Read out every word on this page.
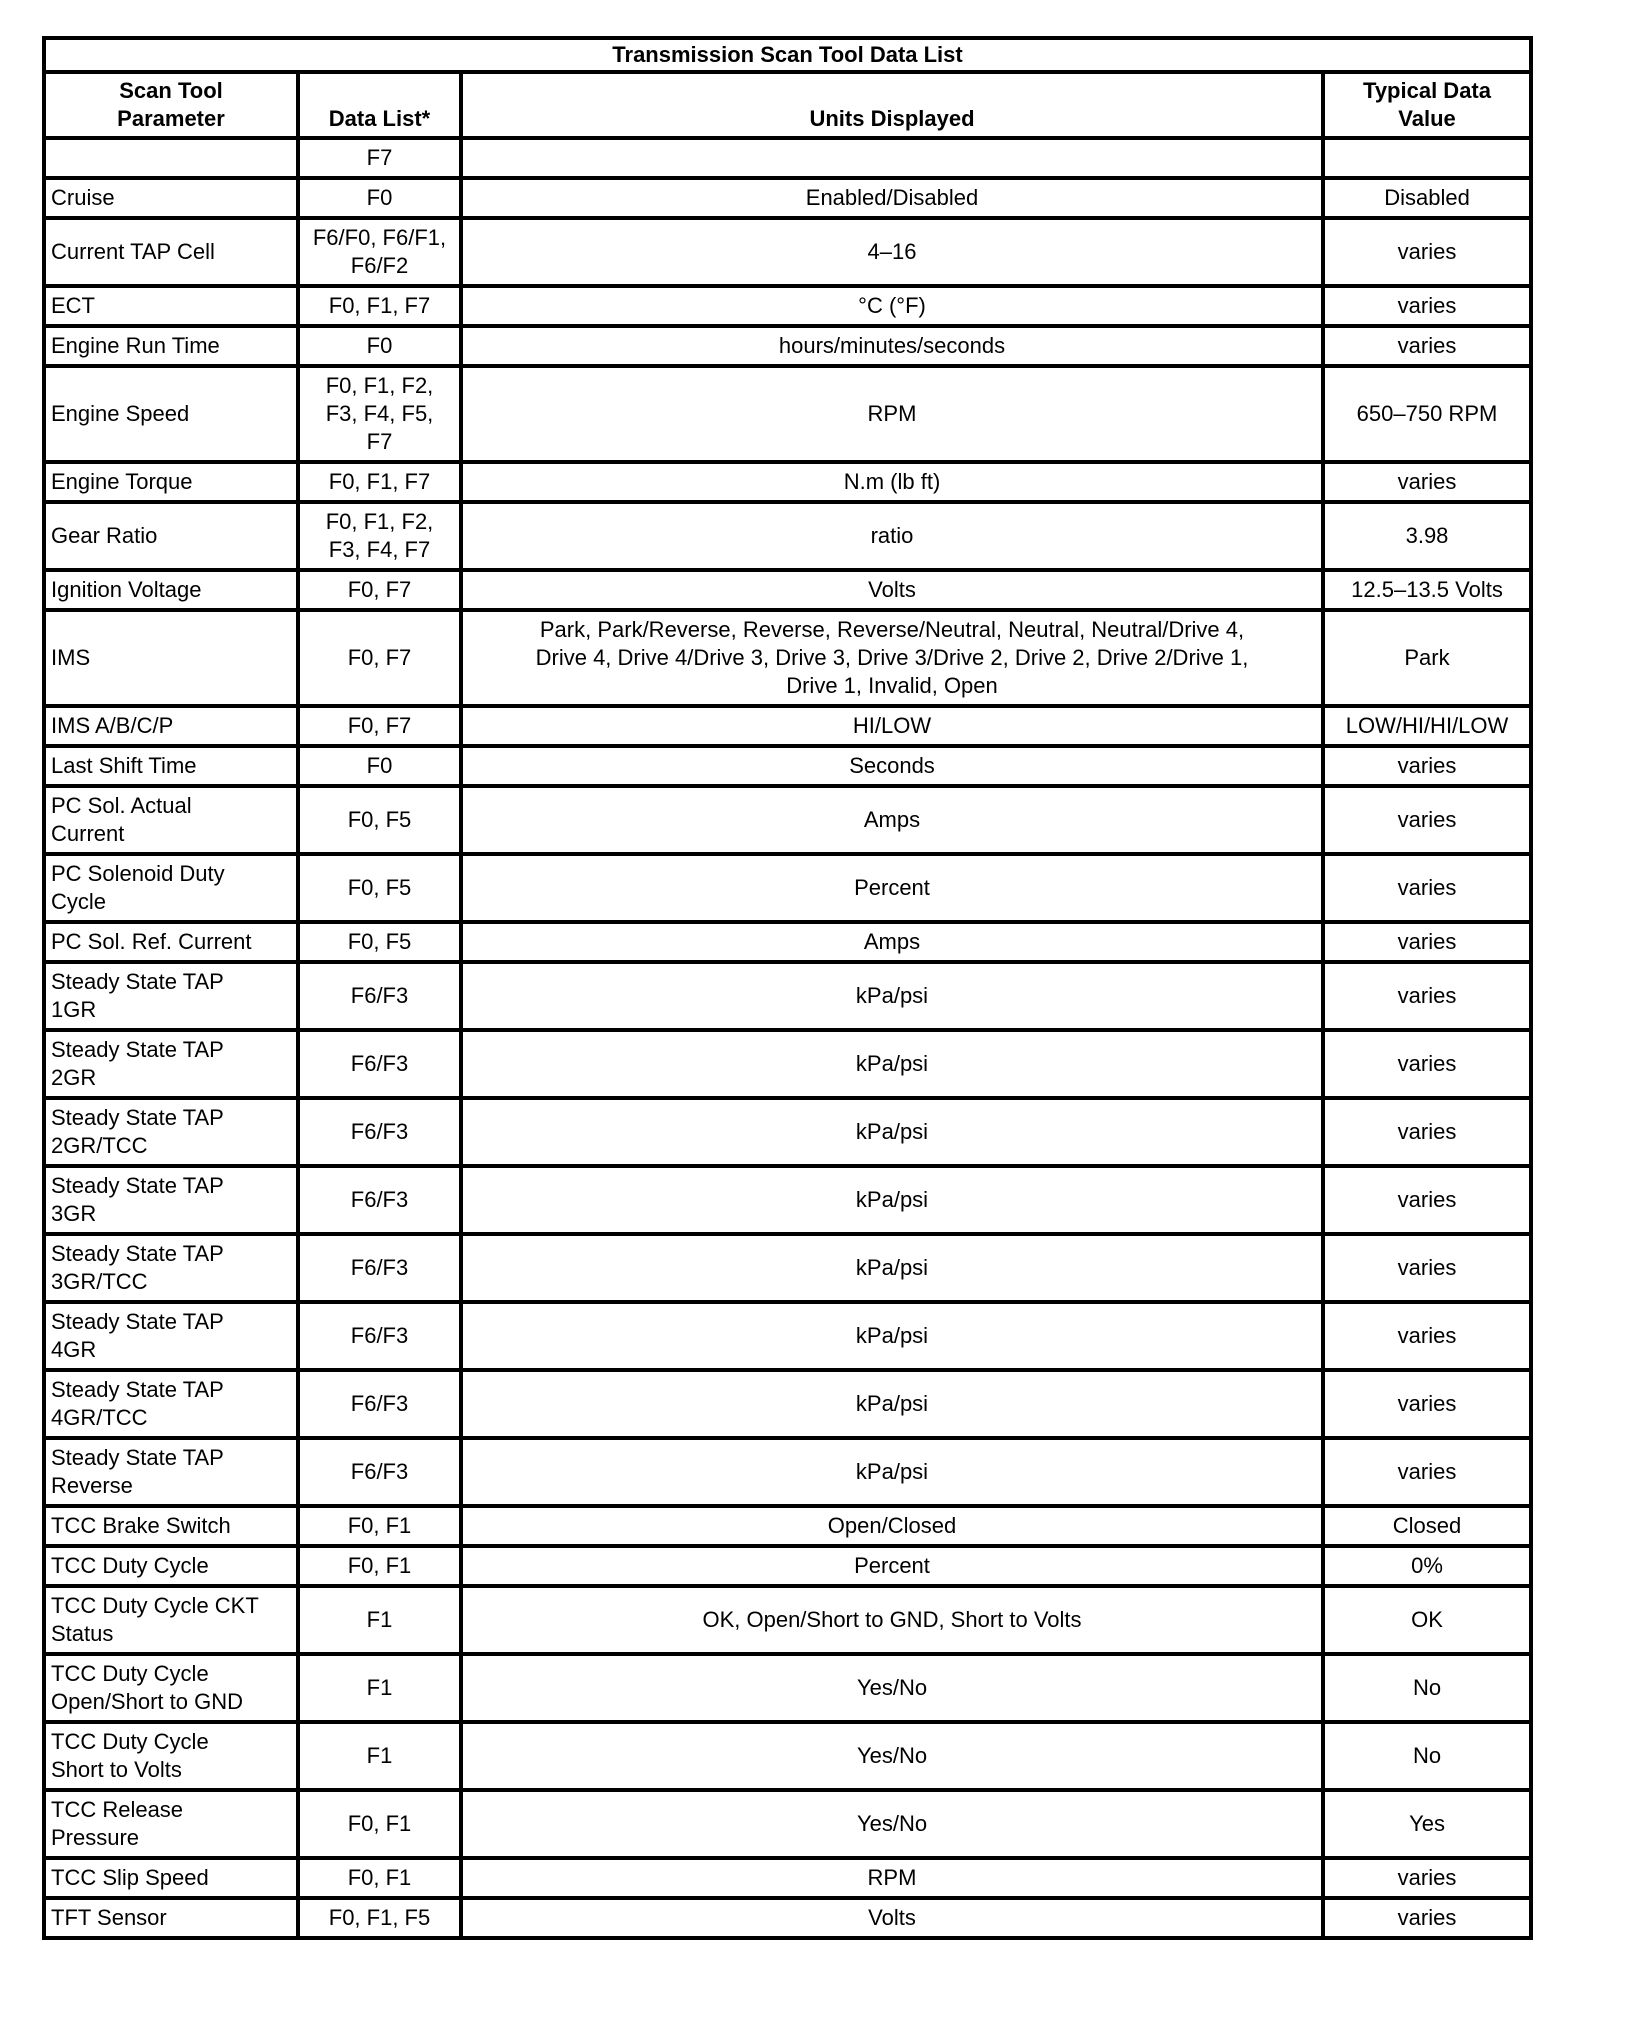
Transmission Scan Tool Data List			
Scan Tool
Parameter	Data List*	Units Displayed	Typical Data
Value
	F7		
Cruise	F0	Enabled/Disabled	Disabled
Current TAP Cell	F6/F0, F6/F1,
F6/F2	4–16	varies
ECT	F0, F1, F7	°C (°F)	varies
Engine Run Time	F0	hours/minutes/seconds	varies
Engine Speed	F0, F1, F2,
F3, F4, F5,
F7	RPM	650–750 RPM
Engine Torque	F0, F1, F7	N.m (lb ft)	varies
Gear Ratio	F0, F1, F2,
F3, F4, F7	ratio	3.98
Ignition Voltage	F0, F7	Volts	12.5–13.5 Volts
IMS	F0, F7	Park, Park/Reverse, Reverse, Reverse/Neutral, Neutral, Neutral/Drive 4,
Drive 4, Drive 4/Drive 3, Drive 3, Drive 3/Drive 2, Drive 2, Drive 2/Drive 1,
Drive 1, Invalid, Open	Park
IMS A/B/C/P	F0, F7	HI/LOW	LOW/HI/HI/LOW
Last Shift Time	F0	Seconds	varies
PC Sol. Actual
Current	F0, F5	Amps	varies
PC Solenoid Duty
Cycle	F0, F5	Percent	varies
PC Sol. Ref. Current	F0, F5	Amps	varies
Steady State TAP
1GR	F6/F3	kPa/psi	varies
Steady State TAP
2GR	F6/F3	kPa/psi	varies
Steady State TAP
2GR/TCC	F6/F3	kPa/psi	varies
Steady State TAP
3GR	F6/F3	kPa/psi	varies
Steady State TAP
3GR/TCC	F6/F3	kPa/psi	varies
Steady State TAP
4GR	F6/F3	kPa/psi	varies
Steady State TAP
4GR/TCC	F6/F3	kPa/psi	varies
Steady State TAP
Reverse	F6/F3	kPa/psi	varies
TCC Brake Switch	F0, F1	Open/Closed	Closed
TCC Duty Cycle	F0, F1	Percent	0%
TCC Duty Cycle CKT
Status	F1	OK, Open/Short to GND, Short to Volts	OK
TCC Duty Cycle
Open/Short to GND	F1	Yes/No	No
TCC Duty Cycle
Short to Volts	F1	Yes/No	No
TCC Release
Pressure	F0, F1	Yes/No	Yes
TCC Slip Speed	F0, F1	RPM	varies
TFT Sensor	F0, F1, F5	Volts	varies
